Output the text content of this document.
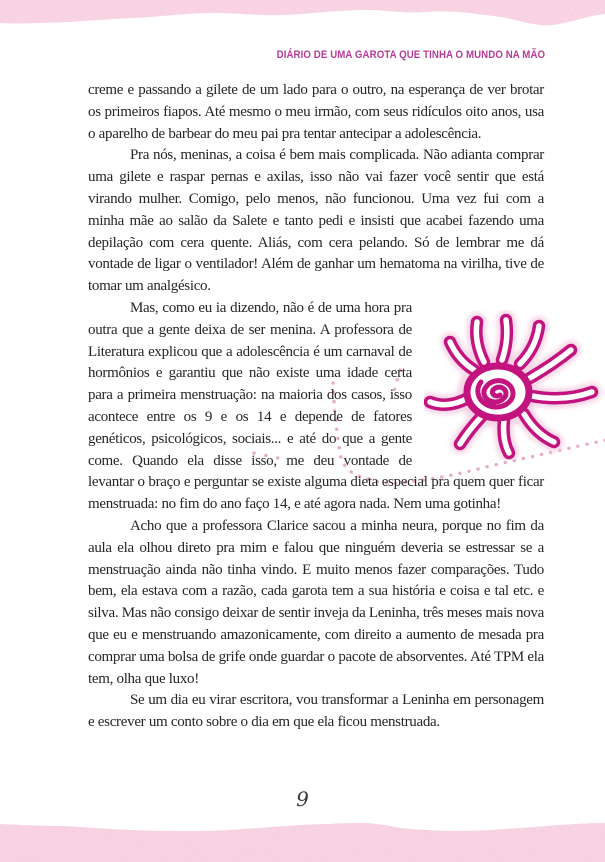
DIÁRIO DE UMA GAROTA QUE TINHA O MUNDO NA MÃO

creme e passando a gilete de um lado para o outro, na esperança de ver brotar os primeiros fiapos. Até mesmo o meu irmão, com seus ridículos oito anos, usa o aparelho de barbear do meu pai pra tentar antecipar a adolescência.

Pra nós, meninas, a coisa é bem mais complicada. Não adianta comprar uma gilete e raspar pernas e axilas, isso não vai fazer você sentir que está virando mulher. Comigo, pelo menos, não funcionou. Uma vez fui com a minha mãe ao salão da Salete e tanto pedi e insisti que acabei fazendo uma depilação com cera quente. Aliás, com cera pelando. Só de lembrar me dá vontade de ligar o ventilador! Além de ganhar um hematoma na virilha, tive de tomar um analgésico.

Mas, como eu ia dizendo, não é de uma hora pra outra que a gente deixa de ser menina. A professora de Literatura explicou que a adolescência é um carnaval de hormônios e garantiu que não existe uma idade certa para a primeira menstruação: na maioria dos casos, isso acontece entre os 9 e os 14 e depende de fatores genéticos, psicológicos, sociais... e até do que a gente come. Quando ela disse isso, me deu vontade de levantar o braço e perguntar se existe alguma dieta especial pra quem quer ficar menstruada: no fim do ano faço 14, e até agora nada. Nem uma gotinha!

Acho que a professora Clarice sacou a minha neura, porque no fim da aula ela olhou direto pra mim e falou que ninguém deveria se estressar se a menstruação ainda não tinha vindo. E muito menos fazer comparações. Tudo bem, ela estava com a razão, cada garota tem a sua história e coisa e tal etc. e silva. Mas não consigo deixar de sentir inveja da Leninha, três meses mais nova que eu e menstruando amazonicamente, com direito a aumento de mesada pra comprar uma bolsa de grife onde guardar o pacote de absorventes. Até TPM ela tem, olha que luxo!

Se um dia eu virar escritora, vou transformar a Leninha em personagem e escrever um conto sobre o dia em que ela ficou menstruada.

9
